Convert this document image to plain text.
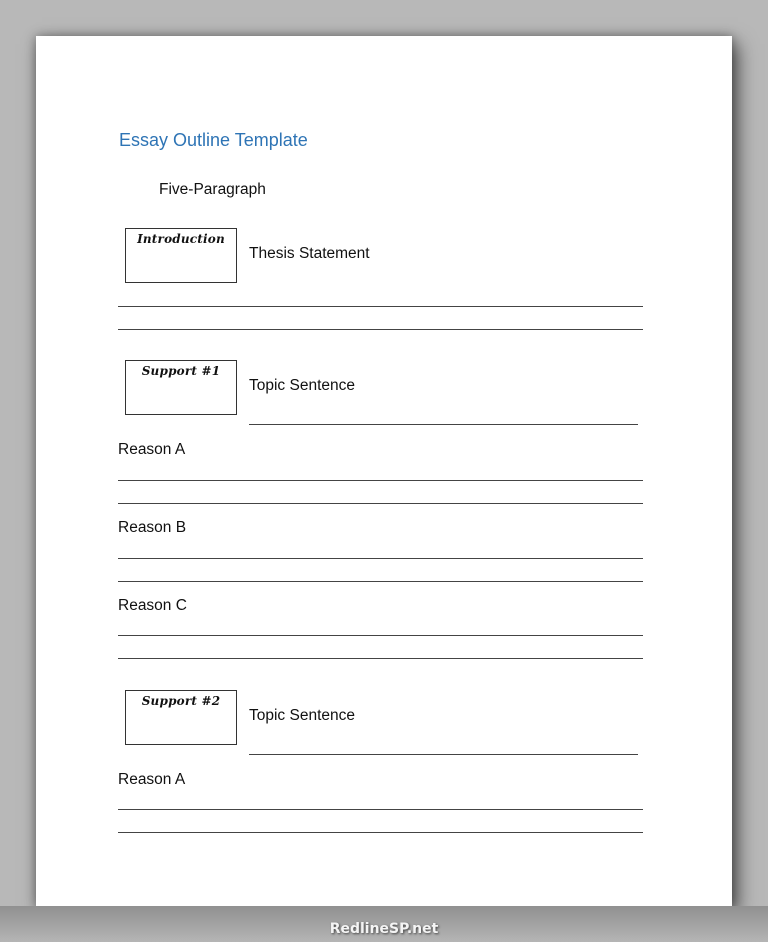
Essay Outline Template
Five-Paragraph
Introduction
Thesis Statement
Support #1
Topic Sentence
Reason A
Reason B
Reason C
Support #2
Topic Sentence
Reason A
RedlineSP.net
